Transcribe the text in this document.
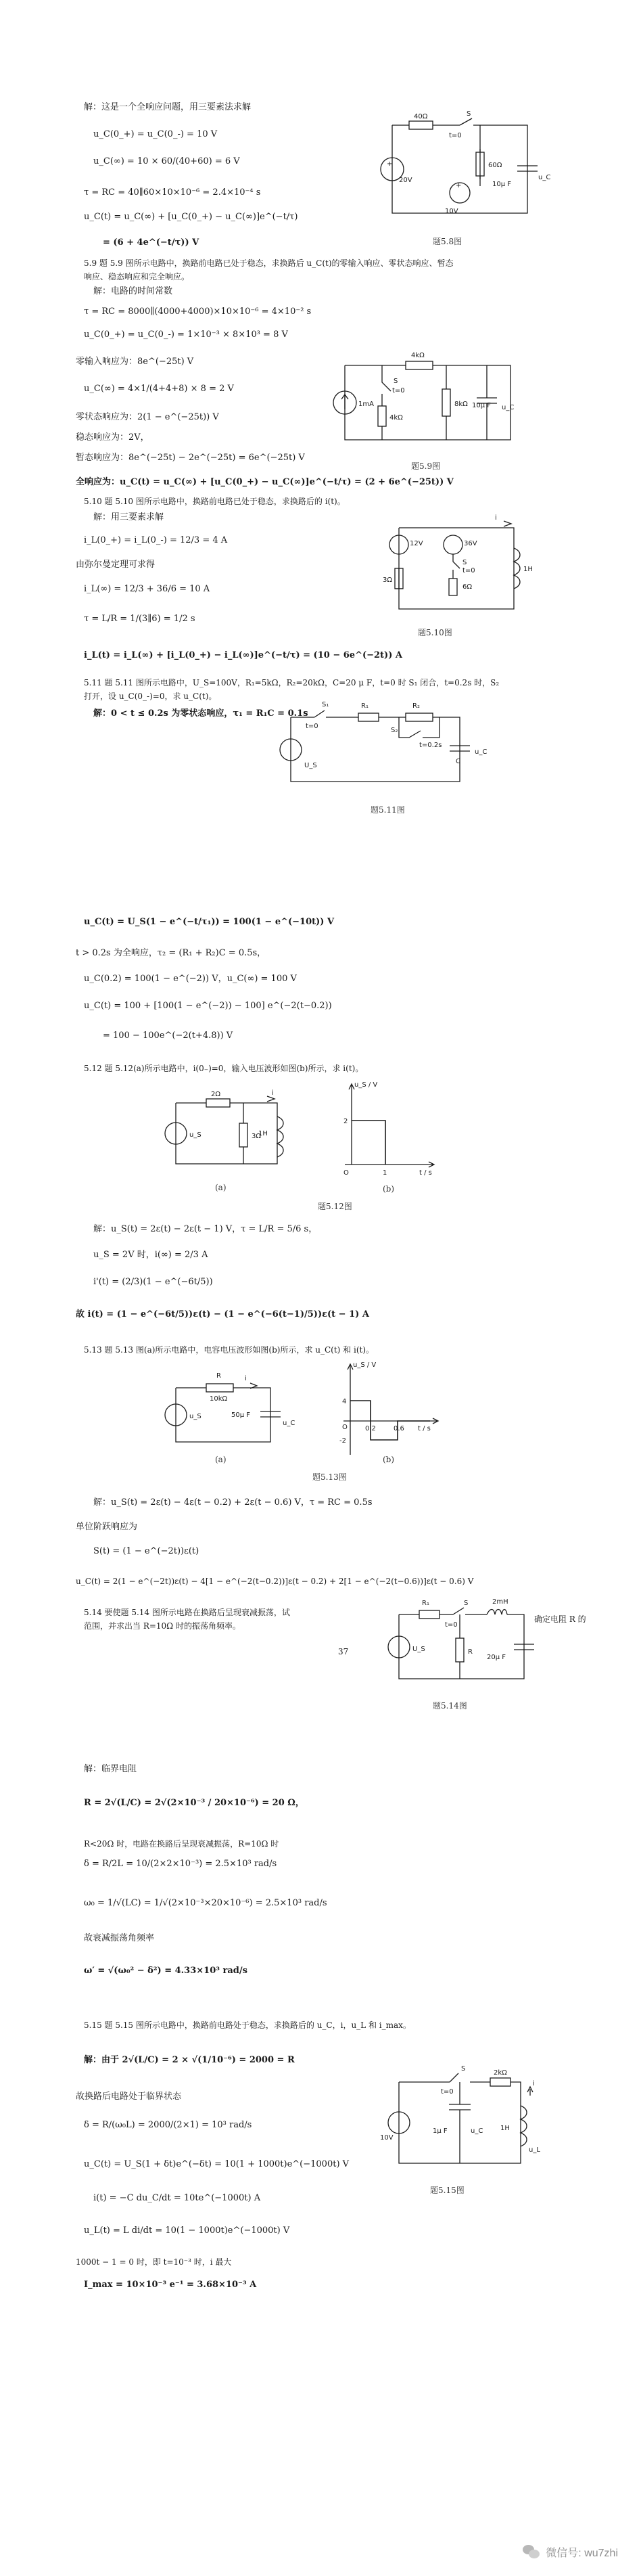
解：这是一个全响应问题，用三要素法求解
u_C(0_+) = u_C(0_-) = 10 V
u_C(∞) = 10 × 60/(40+60) = 6 V
τ = RC = 40∥60×10×10⁻⁶ = 2.4×10⁻⁴ s
u_C(t) = u_C(∞) + [u_C(0_+) − u_C(∞)]e^(−t/τ)
= (6 + 4e^(−t/τ)) V
40Ω	S
t=0
60Ω
10μ F
u_C
20V
10V
+
+
题5.8图
5.9 题 5.9 图所示电路中，换路前电路已处于稳态，求换路后 u_C(t)的零输入响应、零状态响应、暂态
响应、稳态响应和完全响应。
解：电路的时间常数
τ = RC = 8000∥(4000+4000)×10×10⁻⁶ = 4×10⁻² s
u_C(0_+) = u_C(0_-) = 1×10⁻³ × 8×10³ = 8 V
零输入响应为：8e^(−25t) V
u_C(∞) = 4×1/(4+4+8) × 8 = 2 V
零状态响应为：2(1 − e^(−25t)) V
稳态响应为：2V，
暂态响应为：8e^(−25t) − 2e^(−25t) = 6e^(−25t) V
全响应为：u_C(t) = u_C(∞) + [u_C(0_+) − u_C(∞)]e^(−t/τ) = (2 + 6e^(−25t)) V
4kΩ
S
t=0
4kΩ
8kΩ 10μ F u_C
1mA
题5.9图
5.10 题 5.10 图所示电路中，换路前电路已处于稳态，求换路后的 i(t)。
解：用三要素求解
i_L(0_+) = i_L(0_-) = 12/3 = 4 A
由弥尔曼定理可求得
i_L(∞) = 12/3 + 36/6 = 10 A
τ = L/R = 1/(3∥6) = 1/2 s
i_L(t) = i_L(∞) + [i_L(0_+) − i_L(∞)]e^(−t/τ) = (10 − 6e^(−2t)) A
12V	36V
S
t=0
3Ω
6Ω
1H
i
题5.10图
5.11 题 5.11 图所示电路中，U_S=100V，R₁=5kΩ，R₂=20kΩ，C=20 μ F，t=0 时 S₁ 闭合，t=0.2s 时，S₂
打开，设 u_C(0_-)=0，求 u_C(t)。
解：0 < t ≤ 0.2s 为零状态响应，τ₁ = R₁C = 0.1s
S₁	R₁	R₂
S₂
t=0
t=0.2s
U_S
C
u_C
题5.11图
u_C(t) = U_S(1 − e^(−t/τ₁)) = 100(1 − e^(−10t)) V
t > 0.2s 为全响应，τ₂ = (R₁ + R₂)C = 0.5s，
u_C(0.2) = 100(1 − e^(−2)) V，u_C(∞) = 100 V
u_C(t) = 100 + [100(1 − e^(−2)) − 100] e^(−2(t−0.2))
= 100 − 100e^(−2(t+4.8)) V
5.12 题 5.12(a)所示电路中，i(0₋)=0，输入电压波形如图(b)所示，求 i(t)。
2Ω
3Ω
1H
u_S
i
(a)
u_S / V
2
1
O	t / s
(b)
题5.12图
解：u_S(t) = 2ε(t) − 2ε(t − 1) V，τ = L/R = 5/6 s，
u_S = 2V 时，i(∞) = 2/3 A
i'(t) = (2/3)(1 − e^(−6t/5))
故 i(t) = (1 − e^(−6t/5))ε(t) − (1 − e^(−6(t−1)/5))ε(t − 1) A
5.13 题 5.13 图(a)所示电路中，电容电压波形如图(b)所示，求 u_C(t) 和 i(t)。
R
10kΩ
u_S	50μ F
u_C
i
(a)
u_S / V
4
-2
0.2	0.6 t / s
O
(b)
题5.13图
解：u_S(t) = 2ε(t) − 4ε(t − 0.2) + 2ε(t − 0.6) V，τ = RC = 0.5s
单位阶跃响应为
S(t) = (1 − e^(−2t))ε(t)
u_C(t) = 2(1 − e^(−2t))ε(t) − 4[1 − e^(−2(t−0.2))]ε(t − 0.2) + 2[1 − e^(−2(t−0.6))]ε(t − 0.6) V
5.14 要使题 5.14 图所示电路在换路后呈现衰减振荡，试
确定电阻 R 的
范围，并求出当 R=10Ω 时的振荡角频率。
37
R₁	S
t=0
2mH
20μ F
R
U_S
题5.14图
解：临界电阻
R = 2√(L/C) = 2√(2×10⁻³ / 20×10⁻⁶) = 20 Ω，
R<20Ω 时，电路在换路后呈现衰减振荡，R=10Ω 时
δ = R/2L = 10/(2×2×10⁻³) = 2.5×10³ rad/s
ω₀ = 1/√(LC) = 1/√(2×10⁻³×20×10⁻⁶) = 2.5×10³ rad/s
故衰减振荡角频率
ω′ = √(ω₀² − δ²) = 4.33×10³ rad/s
5.15 题 5.15 图所示电路中，换路前电路处于稳态，求换路后的 u_C，i，u_L 和 i_max。
解：由于 2√(L/C) = 2 × √(1/10⁻⁶) = 2000 = R
故换路后电路处于临界状态
δ = R/(ω₀L) = 2000/(2×1) = 10³ rad/s
u_C(t) = U_S(1 + δt)e^(−δt) = 10(1 + 1000t)e^(−1000t) V
i(t) = −C du_C/dt = 10te^(−1000t) A
u_L(t) = L di/dt = 10(1 − 1000t)e^(−1000t) V
1000t − 1 = 0 时，即 t=10⁻³ 时，i 最大
I_max = 10×10⁻³ e⁻¹ = 3.68×10⁻³ A
2kΩ
10V
S
t=0
1μ F	u_C	1H
u_L
i
题5.15图
微信号: wu7zhi
